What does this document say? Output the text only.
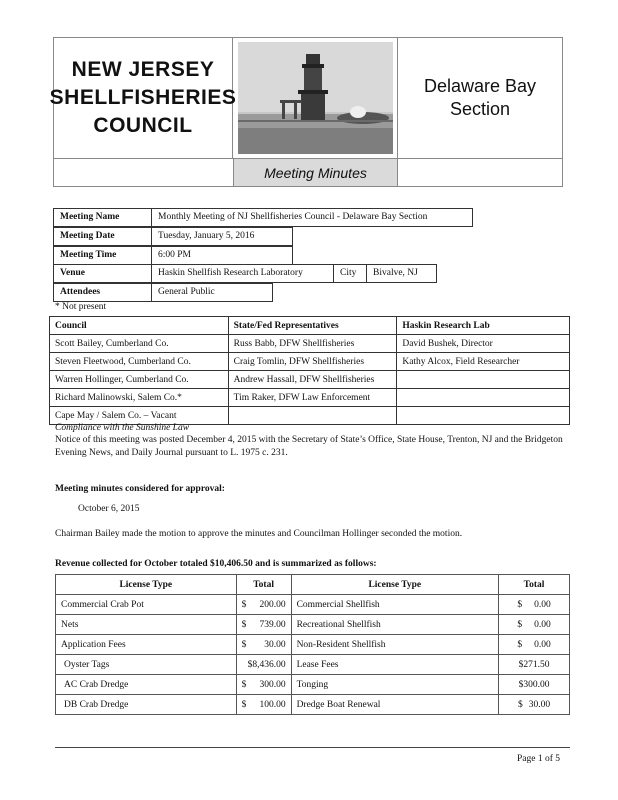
NEW JERSEY
SHELLFISHERIES
COUNCIL
Delaware Bay Section
Meeting Minutes
Meeting Name	Monthly Meeting of NJ Shellfisheries Council - Delaware Bay Section
Meeting Date	Tuesday, January 5, 2016
Meeting Time	6:00 PM
Venue	Haskin Shellfish Research Laboratory	City	Bivalve, NJ
Attendees	General Public
* Not present
Council	State/Fed Representatives	Haskin Research Lab
Scott Bailey, Cumberland Co.	Russ Babb, DFW Shellfisheries	David Bushek, Director
Steven Fleetwood, Cumberland Co.	Craig Tomlin, DFW Shellfisheries	Kathy Alcox, Field Researcher
Warren Hollinger, Cumberland Co.	Andrew Hassall, DFW Shellfisheries	
Richard Malinowski, Salem Co.*	Tim Raker, DFW Law Enforcement	
Cape May / Salem Co. – Vacant		
Compliance with the Sunshine Law
Notice of this meeting was posted December 4, 2015 with the Secretary of State’s Office, State House, Trenton, NJ and the Bridgeton Evening News, and Daily Journal pursuant to L. 1975 c. 231.
Meeting minutes considered for approval:
October 6, 2015
Chairman Bailey made the motion to approve the minutes and Councilman Hollinger seconded the motion.
Revenue collected for October totaled $10,406.50 and is summarized as follows:
License Type	Total	License Type	Total
Commercial Crab Pot	$ 200.00	Commercial Shellfish	$ 0.00

Nets	$ 739.00	Recreational Shellfish	$ 0.00

Application Fees	$ 30.00	Non-Resident Shellfish	$ 0.00

Oyster Tags	$8,436.00	Lease Fees	$271.50

AC Crab Dredge	$ 300.00	Tonging	$300.00

DB Crab Dredge	$ 100.00	Dredge Boat Renewal	$ 30.00
Page 1 of 5
